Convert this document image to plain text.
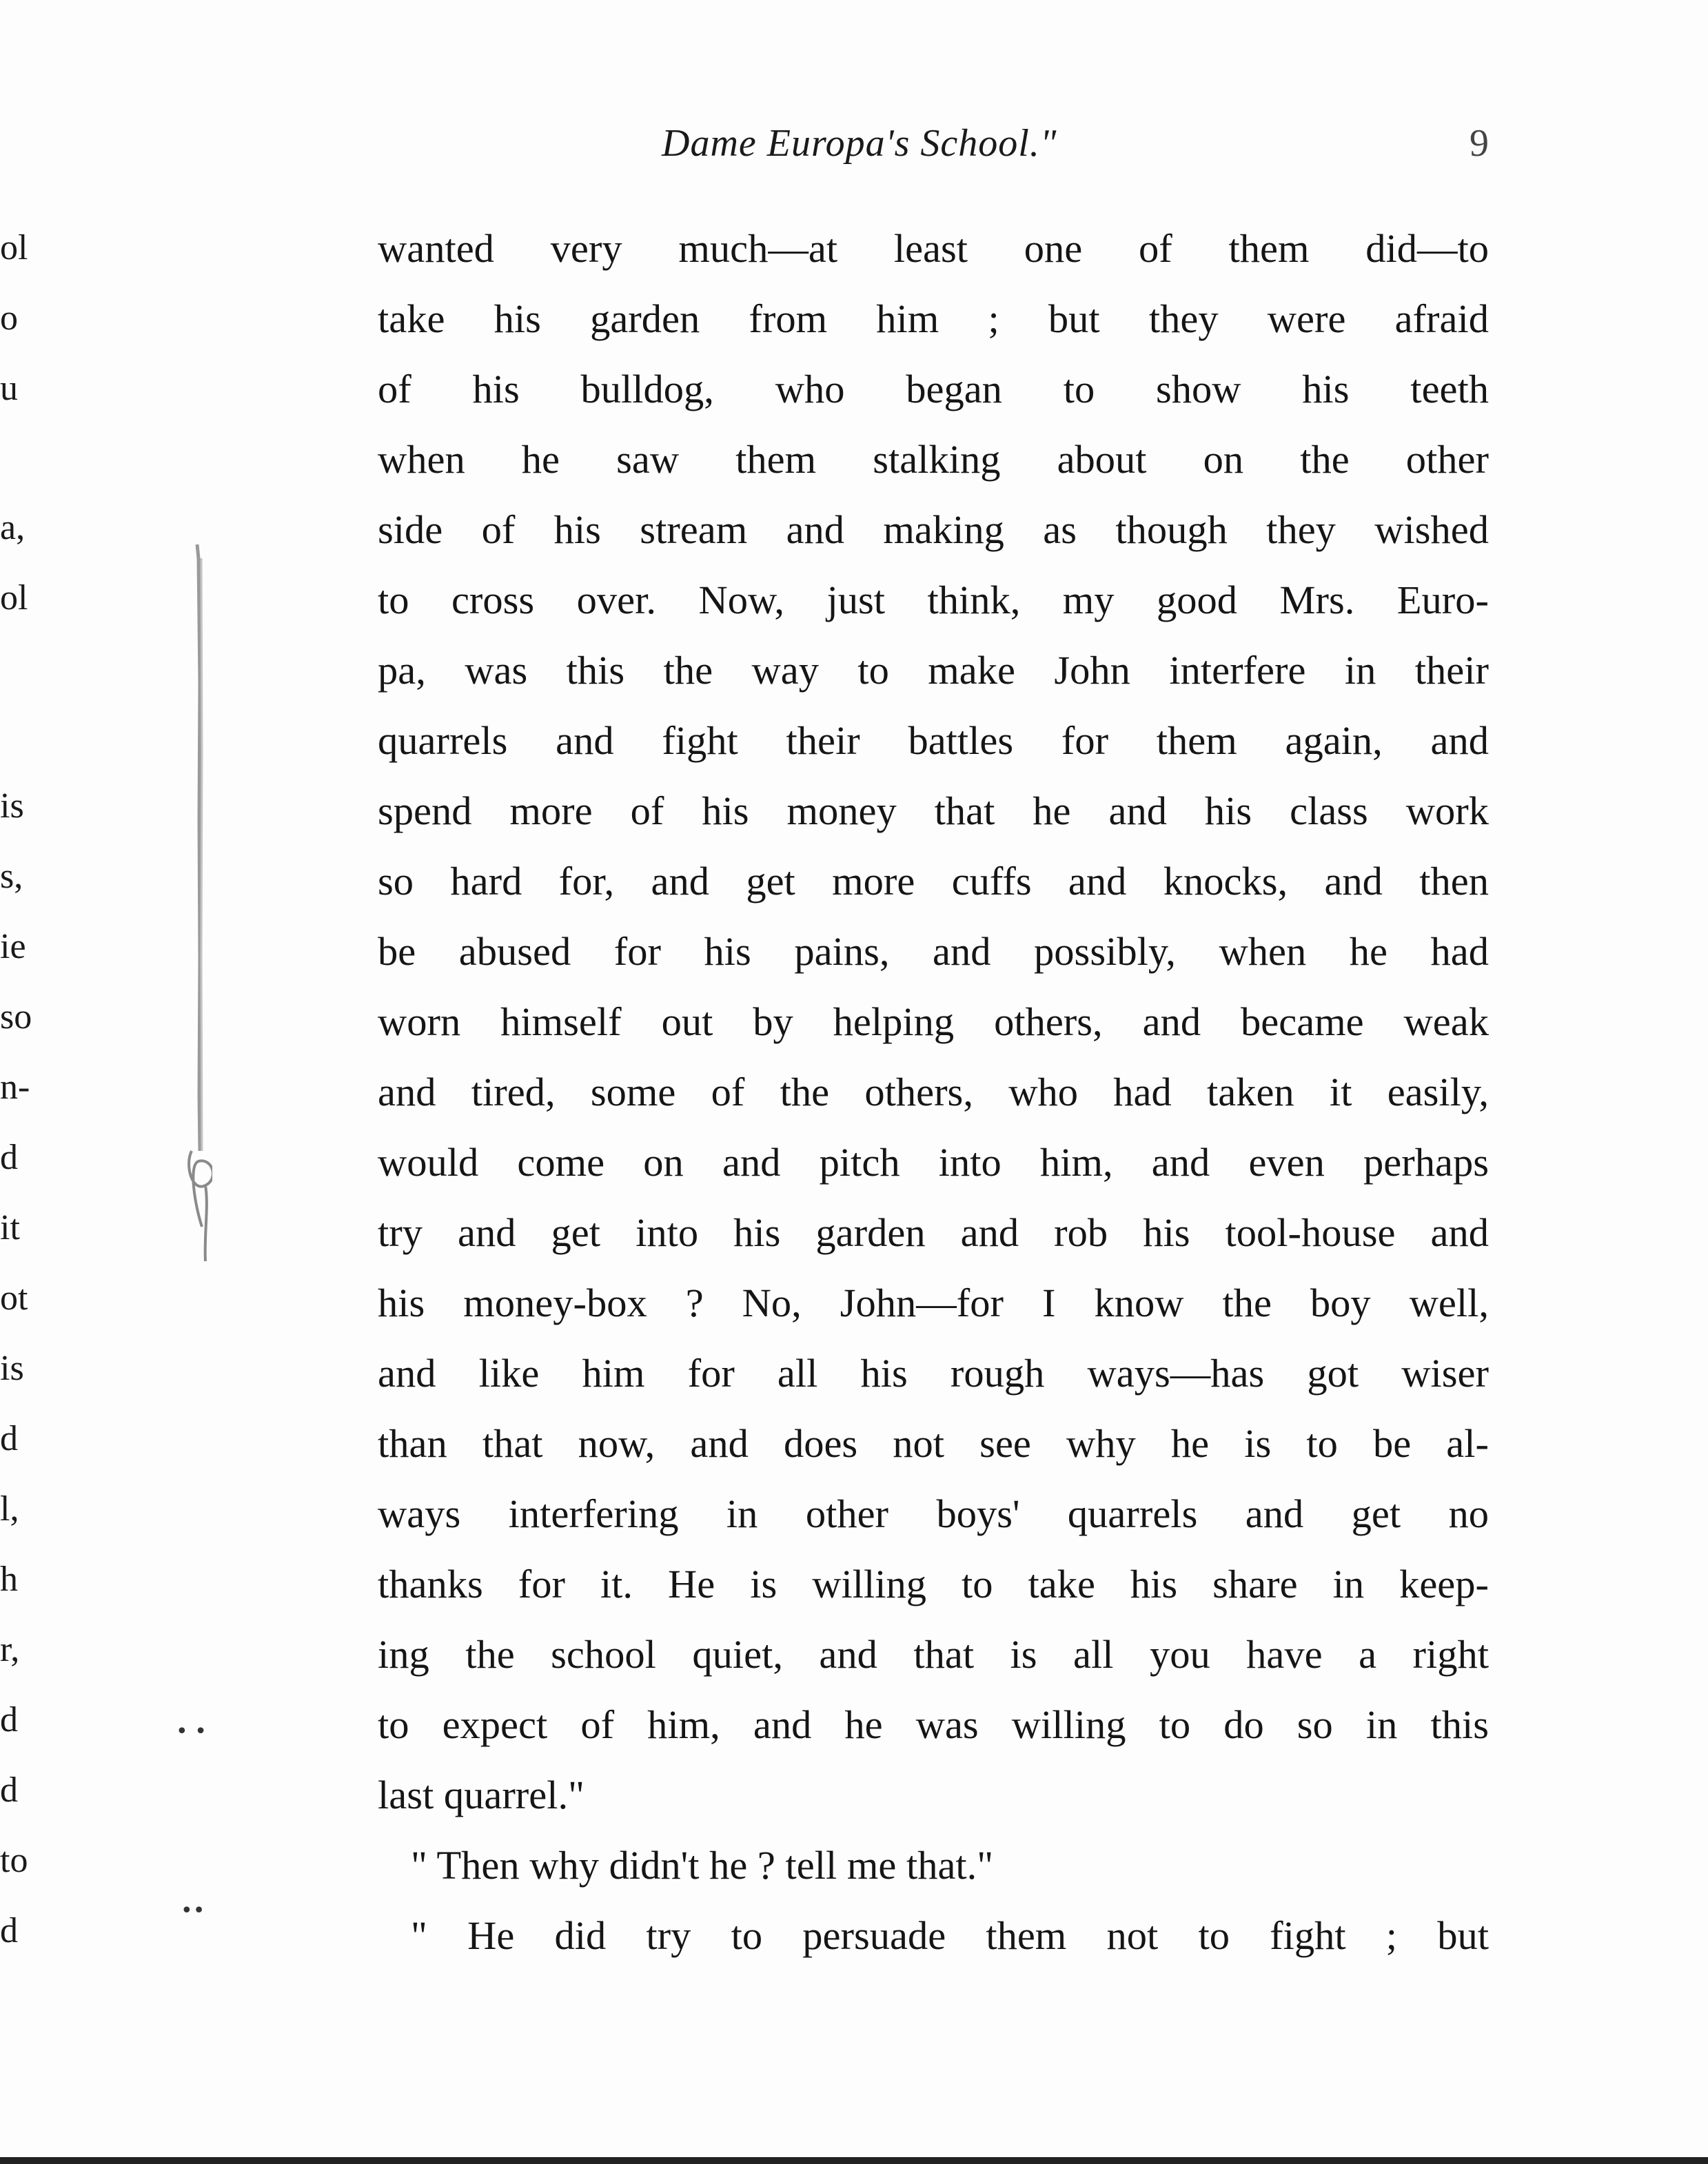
ol
o
u
a,
ol
is
s,
ie
so
n-
d
it
ot
is
d
l,
h
r,
d
d
to
d
Dame Europa's School."	9
wanted very much—at least one of them did—to
take his garden from him ; but they were afraid
of his bulldog, who began to show his teeth
when he saw them stalking about on the other
side of his stream and making as though they wished
to cross over. Now, just think, my good Mrs. Euro-
pa, was this the way to make John interfere in their
quarrels and fight their battles for them again, and
spend more of his money that he and his class work
so hard for, and get more cuffs and knocks, and then
be abused for his pains, and possibly, when he had
worn himself out by helping others, and became weak
and tired, some of the others, who had taken it easily,
would come on and pitch into him, and even perhaps
try and get into his garden and rob his tool-house and
his money-box ? No, John—for I know the boy well,
and like him for all his rough ways—has got wiser
than that now, and does not see why he is to be al-
ways interfering in other boys' quarrels and get no
thanks for it. He is willing to take his share in keep-
ing the school quiet, and that is all you have a right
to expect of him, and he was willing to do so in this
last quarrel."
" Then why didn't he ? tell me that."
" He did try to persuade them not to fight ; but
• •
••
